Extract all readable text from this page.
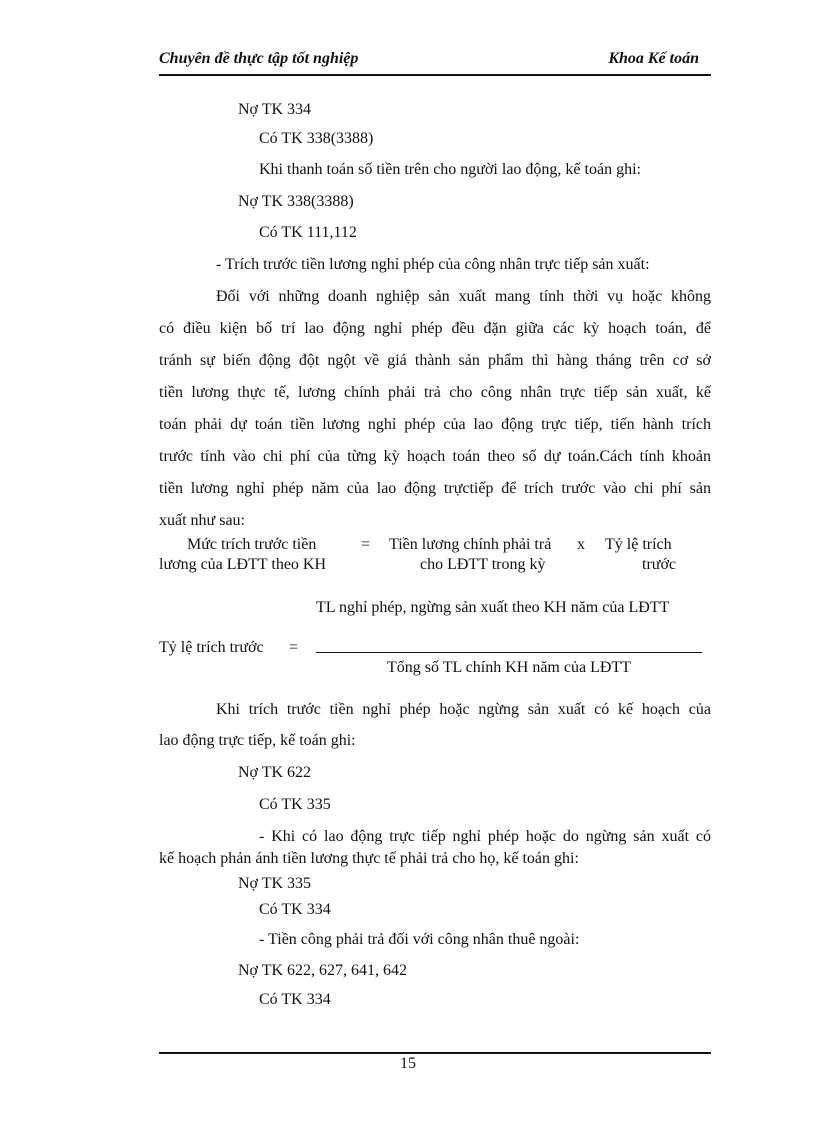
Chuyên đề thực tập tốt nghiệp	Khoa Kế toán
Nợ TK 334
Có TK 338(3388)
Khi thanh toán số tiền trên cho người lao động, kế toán ghi:
Nợ TK 338(3388)
Có TK 111,112
- Trích trước tiền lương nghỉ phép của công nhân trực tiếp sản xuất:
Đối với những doanh nghiệp sản xuất mang tính thời vụ hoặc không
có điều kiện bố trí lao động nghỉ phép đều đặn giữa các kỳ hoạch toán, để
tránh sự biến động đột ngột về giá thành sản phẩm thì hàng tháng trên cơ sở
tiền lương thực tế, lương chính phải trả cho công nhân trực tiếp sản xuất, kế
toán phải dự toán tiền lương nghỉ phép của lao động trực tiếp, tiến hành trích
trước tính vào chi phí của từng kỳ hoạch toán theo số dự toán.Cách tính khoản
tiền lương nghỉ phép năm của lao động trựctiếp để trích trước vào chi phí sản
xuất như sau:
Mức trích trước tiền
lương của LĐTT theo KH
= Tiền lương chính phải trả
cho LĐTT trong kỳ
x Tỷ lệ trích
trước
TL nghỉ phép, ngừng sản xuất theo KH năm của LĐTT
Tỷ lệ trích trước =
Tổng số TL chính KH năm của LĐTT
Khi trích trước tiền nghỉ phép hoặc ngừng sản xuất có kế hoạch của
lao động trực tiếp, kế toán ghi:
Nợ TK 622
Có TK 335
- Khi có lao động trực tiếp nghỉ phép hoặc do ngừng sản xuất có
kế hoạch phản ánh tiền lương thực tế phải trả cho họ, kế toán ghi:
Nợ TK 335
Có TK 334
- Tiền công phải trả đối với công nhân thuê ngoài:
Nợ TK 622, 627, 641, 642
Có TK 334
15
